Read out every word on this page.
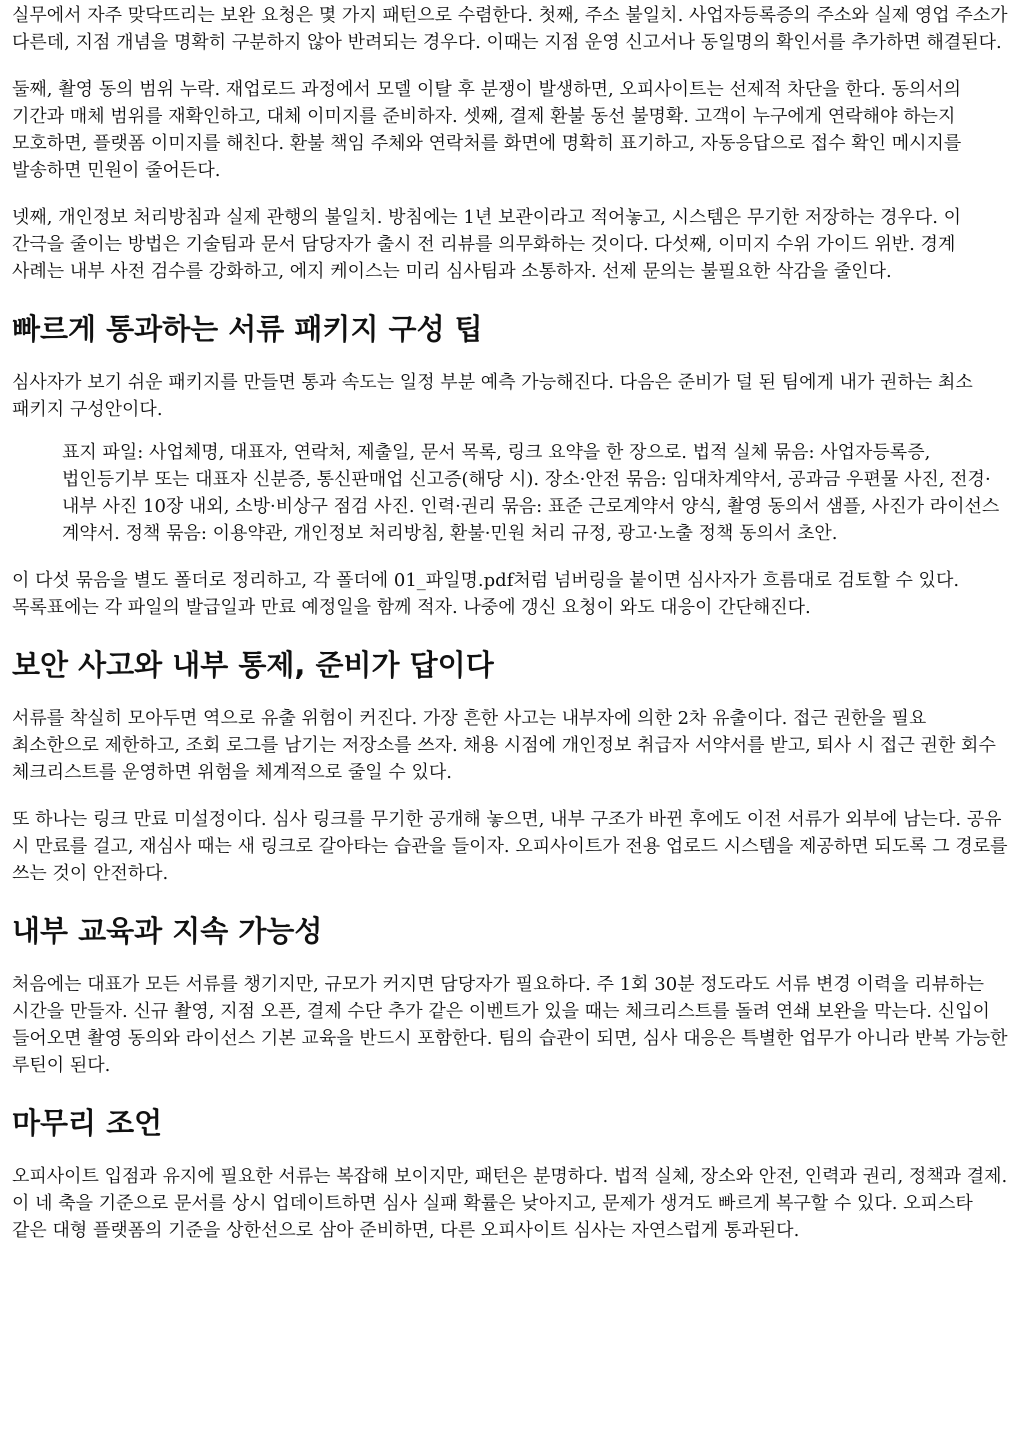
실무에서 자주 맞닥뜨리는 보완 요청은 몇 가지 패턴으로 수렴한다. 첫째, 주소 불일치. 사업자등록증의 주소와 실제 영업 주소가 다른데, 지점 개념을 명확히 구분하지 않아 반려되는 경우다. 이때는 지점 운영 신고서나 동일명의 확인서를 추가하면 해결된다.

둘째, 촬영 동의 범위 누락. 재업로드 과정에서 모델 이탈 후 분쟁이 발생하면, 오피사이트는 선제적 차단을 한다. 동의서의 기간과 매체 범위를 재확인하고, 대체 이미지를 준비하자. 셋째, 결제 환불 동선 불명확. 고객이 누구에게 연락해야 하는지 모호하면, 플랫폼 이미지를 해친다. 환불 책임 주체와 연락처를 화면에 명확히 표기하고, 자동응답으로 접수 확인 메시지를 발송하면 민원이 줄어든다.

넷째, 개인정보 처리방침과 실제 관행의 불일치. 방침에는 1년 보관이라고 적어놓고, 시스템은 무기한 저장하는 경우다. 이 간극을 줄이는 방법은 기술팀과 문서 담당자가 출시 전 리뷰를 의무화하는 것이다. 다섯째, 이미지 수위 가이드 위반. 경계 사례는 내부 사전 검수를 강화하고, 에지 케이스는 미리 심사팀과 소통하자. 선제 문의는 불필요한 삭감을 줄인다.

빠르게 통과하는 서류 패키지 구성 팁

심사자가 보기 쉬운 패키지를 만들면 통과 속도는 일정 부분 예측 가능해진다. 다음은 준비가 덜 된 팀에게 내가 권하는 최소 패키지 구성안이다.

표지 파일: 사업체명, 대표자, 연락처, 제출일, 문서 목록, 링크 요약을 한 장으로. 법적 실체 묶음: 사업자등록증, 법인등기부 또는 대표자 신분증, 통신판매업 신고증(해당 시). 장소·안전 묶음: 임대차계약서, 공과금 우편물 사진, 전경·내부 사진 10장 내외, 소방·비상구 점검 사진. 인력·권리 묶음: 표준 근로계약서 양식, 촬영 동의서 샘플, 사진가 라이선스 계약서. 정책 묶음: 이용약관, 개인정보 처리방침, 환불·민원 처리 규정, 광고·노출 정책 동의서 초안.

이 다섯 묶음을 별도 폴더로 정리하고, 각 폴더에 01_파일명.pdf처럼 넘버링을 붙이면 심사자가 흐름대로 검토할 수 있다. 목록표에는 각 파일의 발급일과 만료 예정일을 함께 적자. 나중에 갱신 요청이 와도 대응이 간단해진다.

보안 사고와 내부 통제, 준비가 답이다

서류를 착실히 모아두면 역으로 유출 위험이 커진다. 가장 흔한 사고는 내부자에 의한 2차 유출이다. 접근 권한을 필요 최소한으로 제한하고, 조회 로그를 남기는 저장소를 쓰자. 채용 시점에 개인정보 취급자 서약서를 받고, 퇴사 시 접근 권한 회수 체크리스트를 운영하면 위험을 체계적으로 줄일 수 있다.

또 하나는 링크 만료 미설정이다. 심사 링크를 무기한 공개해 놓으면, 내부 구조가 바뀐 후에도 이전 서류가 외부에 남는다. 공유 시 만료를 걸고, 재심사 때는 새 링크로 갈아타는 습관을 들이자. 오피사이트가 전용 업로드 시스템을 제공하면 되도록 그 경로를 쓰는 것이 안전하다.

내부 교육과 지속 가능성

처음에는 대표가 모든 서류를 챙기지만, 규모가 커지면 담당자가 필요하다. 주 1회 30분 정도라도 서류 변경 이력을 리뷰하는 시간을 만들자. 신규 촬영, 지점 오픈, 결제 수단 추가 같은 이벤트가 있을 때는 체크리스트를 돌려 연쇄 보완을 막는다. 신입이 들어오면 촬영 동의와 라이선스 기본 교육을 반드시 포함한다. 팀의 습관이 되면, 심사 대응은 특별한 업무가 아니라 반복 가능한 루틴이 된다.

마무리 조언

오피사이트 입점과 유지에 필요한 서류는 복잡해 보이지만, 패턴은 분명하다. 법적 실체, 장소와 안전, 인력과 권리, 정책과 결제. 이 네 축을 기준으로 문서를 상시 업데이트하면 심사 실패 확률은 낮아지고, 문제가 생겨도 빠르게 복구할 수 있다. 오피스타 같은 대형 플랫폼의 기준을 상한선으로 삼아 준비하면, 다른 오피사이트 심사는 자연스럽게 통과된다.
